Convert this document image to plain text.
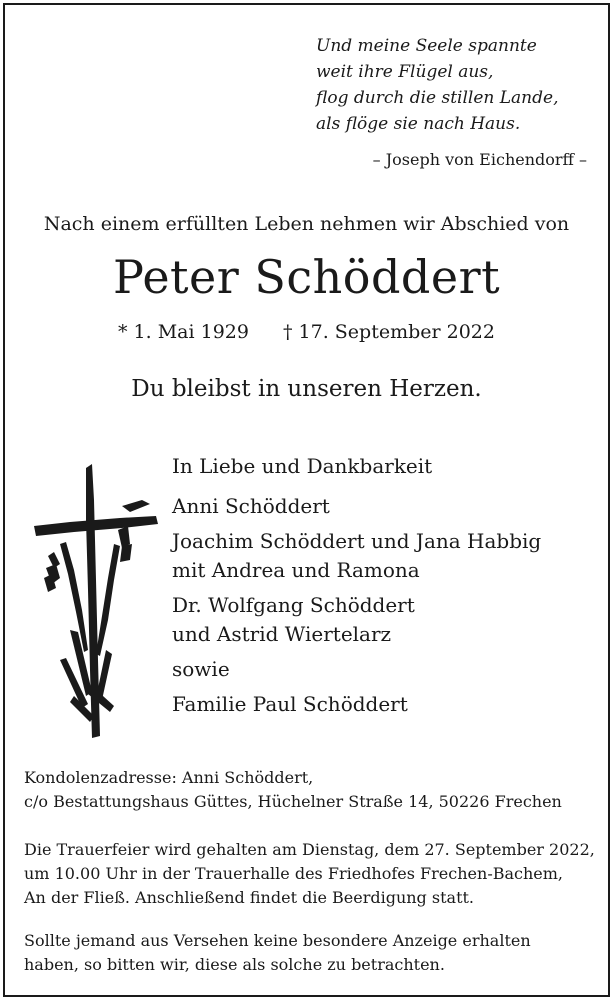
Und meine Seele spannte
weit ihre Flügel aus,
flog durch die stillen Lande,
als flöge sie nach Haus.
– Joseph von Eichendorff –
Nach einem erfüllten Leben nehmen wir Abschied von
Peter Schöddert
* 1. Mai 1929 † 17. September 2022
Du bleibst in unseren Herzen.
In Liebe und Dankbarkeit
Anni Schöddert
Joachim Schöddert und Jana Habbig
mit Andrea und Ramona
Dr. Wolfgang Schöddert
und Astrid Wiertelarz
sowie
Familie Paul Schöddert
Kondolenzadresse: Anni Schöddert,
c/o Bestattungshaus Güttes, Hüchelner Straße 14, 50226 Frechen
Die Trauerfeier wird gehalten am Dienstag, dem 27. September 2022,
um 10.00 Uhr in der Trauerhalle des Friedhofes Frechen-Bachem,
An der Fließ. Anschließend findet die Beerdigung statt.
Sollte jemand aus Versehen keine besondere Anzeige erhalten
haben, so bitten wir, diese als solche zu betrachten.
